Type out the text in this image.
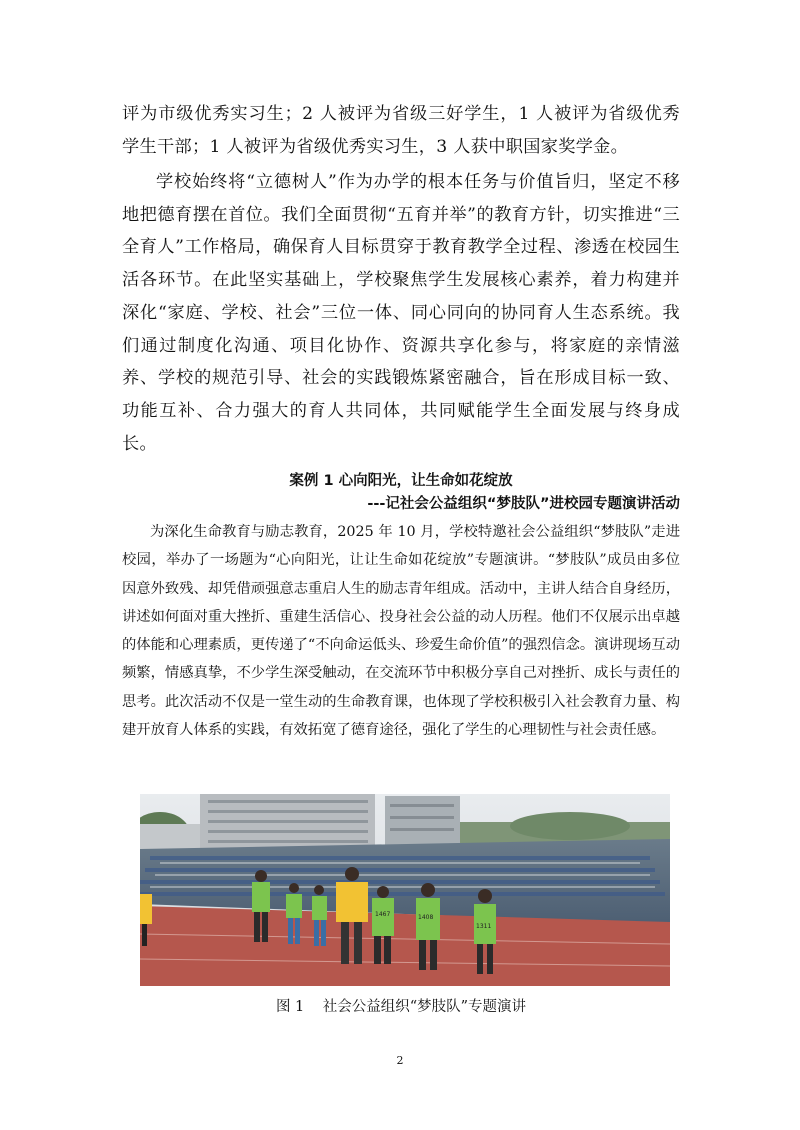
评为市级优秀实习生；2 人被评为省级三好学生，1 人被评为省级优秀学生干部；1 人被评为省级优秀实习生，3 人获中职国家奖学金。

学校始终将“立德树人”作为办学的根本任务与价值旨归，坚定不移地把德育摆在首位。我们全面贯彻“五育并举”的教育方针，切实推进“三全育人”工作格局，确保育人目标贯穿于教育教学全过程、渗透在校园生活各环节。在此坚实基础上，学校聚焦学生发展核心素养，着力构建并深化“家庭、学校、社会”三位一体、同心同向的协同育人生态系统。我们通过制度化沟通、项目化协作、资源共享化参与，将家庭的亲情滋养、学校的规范引导、社会的实践锻炼紧密融合，旨在形成目标一致、功能互补、合力强大的育人共同体，共同赋能学生全面发展与终身成长。

案例 1 心向阳光，让生命如花绽放

---记社会公益组织“梦肢队”进校园专题演讲活动

为深化生命教育与励志教育，2025 年 10 月，学校特邀社会公益组织“梦肢队”走进校园，举办了一场题为“心向阳光，让让生命如花绽放”专题演讲。“梦肢队”成员由多位因意外致残、却凭借顽强意志重启人生的励志青年组成。活动中，主讲人结合自身经历，讲述如何面对重大挫折、重建生活信心、投身社会公益的动人历程。他们不仅展示出卓越的体能和心理素质，更传递了“不向命运低头、珍爱生命价值”的强烈信念。演讲现场互动频繁，情感真挚，不少学生深受触动，在交流环节中积极分享自己对挫折、成长与责任的思考。此次活动不仅是一堂生动的生命教育课，也体现了学校积极引入社会教育力量、构建开放育人体系的实践，有效拓宽了德育途径，强化了学生的心理韧性与社会责任感。

1467	1408
1311

图 1 社会公益组织“梦肢队”专题演讲

2
